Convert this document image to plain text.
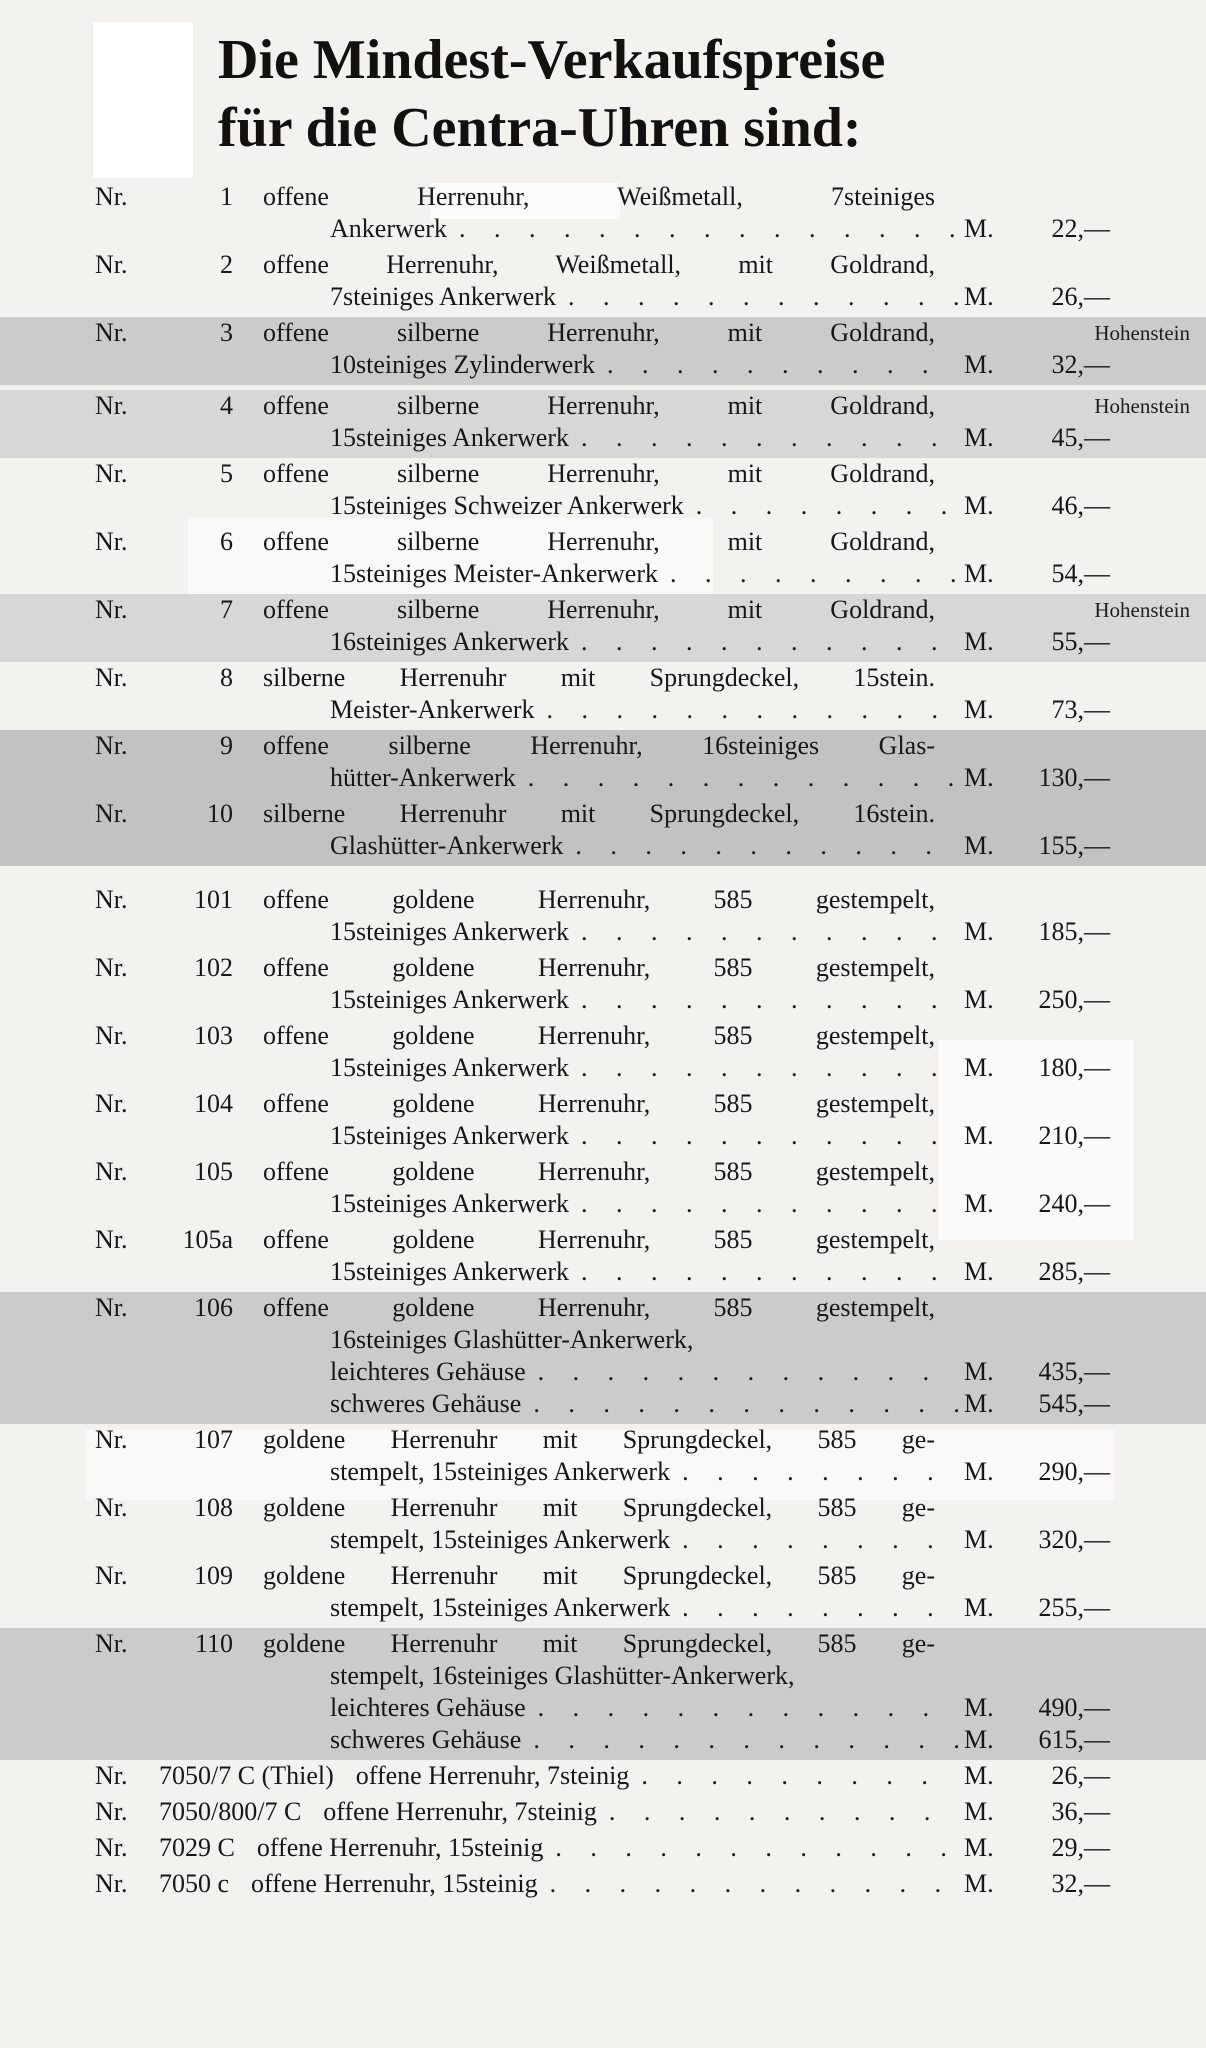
Die Mindest-Verkaufspreise
für die Centra-Uhren sind:
Nr.	1 offene Herrenuhr, Weißmetall, 7steiniges
Ankerwerk . . .	M.	22,—
Nr.	2 offene Herrenuhr, Weißmetall, mit Goldrand,
7steiniges Ankerwerk . . .	M.	26,—
Nr.	3 offene silberne Herrenuhr, mit Goldrand,
10steiniges Zylinderwerk . . .	M.	32,—
Hohenstein
Nr.	4 offene silberne Herrenuhr, mit Goldrand,
15steiniges Ankerwerk . . .	M.	45,—
Hohenstein
Nr.	5 offene silberne Herrenuhr, mit Goldrand,
15steiniges Schweizer Ankerwerk . . .	M.	46,—
Nr.	6 offene silberne Herrenuhr, mit Goldrand,
15steiniges Meister-Ankerwerk . . .	M.	54,—
Nr.	7 offene silberne Herrenuhr, mit Goldrand,
16steiniges Ankerwerk . . .	M.	55,—
Hohenstein
Nr.	8 silberne Herrenuhr mit Sprungdeckel, 15stein.
Meister-Ankerwerk . . .	M.	73,—
Nr.	9 offene silberne Herrenuhr, 16steiniges Glas-
hütter-Ankerwerk . . .	M.	130,—
Nr.	10 silberne Herrenuhr mit Sprungdeckel, 16stein.
Glashütter-Ankerwerk . . .	M.	155,—
Nr.	101 offene goldene Herrenuhr, 585 gestempelt,
15steiniges Ankerwerk . . .	M.	185,—
Nr.	102 offene goldene Herrenuhr, 585 gestempelt,
15steiniges Ankerwerk . . .	M.	250,—
Nr.	103 offene goldene Herrenuhr, 585 gestempelt,
15steiniges Ankerwerk . . .	M.	180,—
Nr.	104 offene goldene Herrenuhr, 585 gestempelt,
15steiniges Ankerwerk . . .	M.	210,—
Nr.	105 offene goldene Herrenuhr, 585 gestempelt,
15steiniges Ankerwerk . . .	M.	240,—
Nr.	105a offene goldene Herrenuhr, 585 gestempelt,
15steiniges Ankerwerk . . .	M.	285,—
Nr.	106 offene goldene Herrenuhr, 585 gestempelt,
16steiniges Glashütter-Ankerwerk,
leichteres Gehäuse . . .	M.	435,—
schweres Gehäuse . . .	M.	545,—
Nr.	107 goldene Herrenuhr mit Sprungdeckel, 585 ge-
stempelt, 15steiniges Ankerwerk . . .	M.	290,—
Nr.	108 goldene Herrenuhr mit Sprungdeckel, 585 ge-
stempelt, 15steiniges Ankerwerk . . .	M.	320,—
Nr.	109 goldene Herrenuhr mit Sprungdeckel, 585 ge-
stempelt, 15steiniges Ankerwerk . . .	M.	255,—
Nr.	110 goldene Herrenuhr mit Sprungdeckel, 585 ge-
stempelt, 16steiniges Glashütter-Ankerwerk,
leichteres Gehäuse . . .	M.	490,—
schweres Gehäuse . . .	M.	615,—
Nr.	7050/7 C (Thiel) offene Herrenuhr, 7steinig . . .	M.	26,—
Nr.	7050/800/7 C offene Herrenuhr, 7steinig . . .	M.	36,—
Nr.	7029 C offene Herrenuhr, 15steinig . . .	M.	29,—
Nr.	7050 c offene Herrenuhr, 15steinig . . .	M.	32,—
